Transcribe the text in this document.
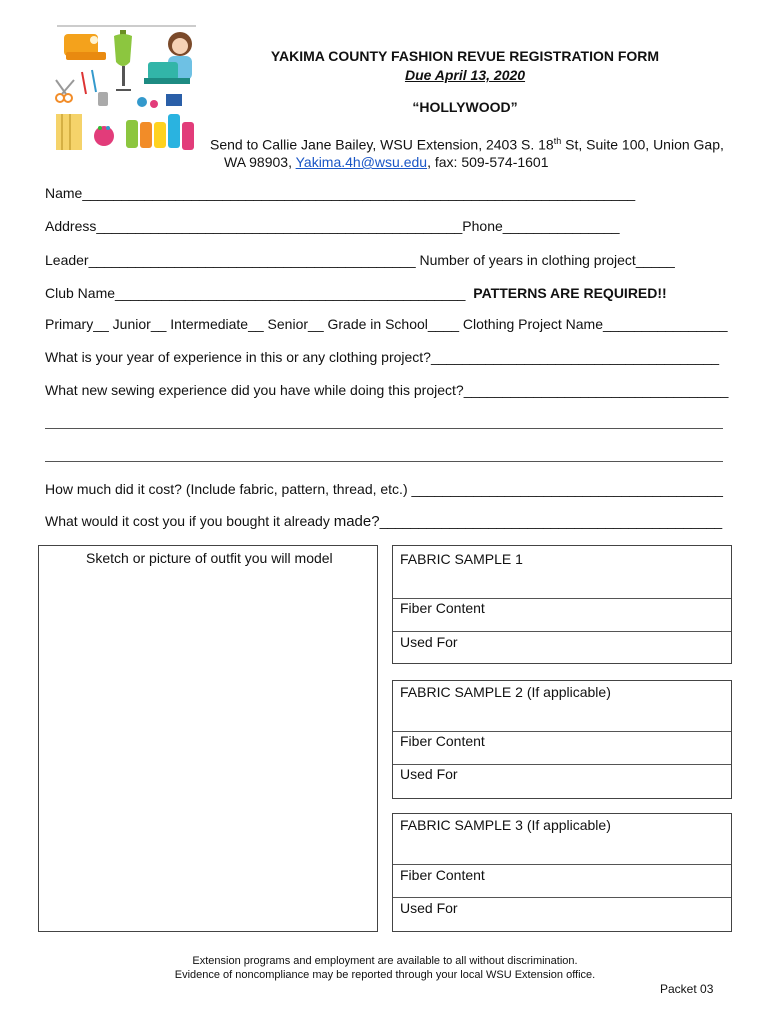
YAKIMA COUNTY FASHION REVUE REGISTRATION FORM
Due April 13, 2020
“HOLLYWOOD”
Send to Callie Jane Bailey, WSU Extension, 2403 S. 18th St, Suite 100, Union Gap,
WA 98903, Yakima.4h@wsu.edu, fax: 509-574-1601
Name_______________________________________________________________________
Address_______________________________________________Phone_______________
Leader__________________________________________ Number of years in clothing project_____
Club Name_____________________________________________ PATTERNS ARE REQUIRED!!
Primary__ Junior__ Intermediate__ Senior__ Grade in School____ Clothing Project Name________________
What is your year of experience in this or any clothing project?_____________________________________
What new sewing experience did you have while doing this project?__________________________________
How much did it cost? (Include fabric, pattern, thread, etc.) ________________________________________
What would it cost you if you bought it already made?____________________________________________
Sketch or picture of outfit you will model	FABRIC SAMPLE 1
Fiber Content
Used For
FABRIC SAMPLE 2 (If applicable)
Fiber Content
Used For
FABRIC SAMPLE 3 (If applicable)
Fiber Content
Used For
Extension programs and employment are available to all without discrimination.
Evidence of noncompliance may be reported through your local WSU Extension office.
Packet 03
